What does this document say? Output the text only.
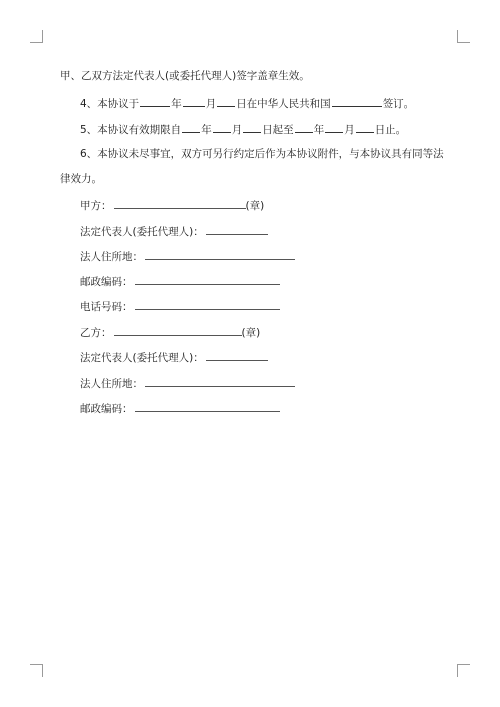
甲、乙双方法定代表人(或委托代理人)签字盖章生效。
4、本协议于	年 月 日在中华人民共和国	签订。
5、本协议有效期限自 年 月 日起至 年 月 日止。
6、本协议未尽事宜，双方可另行约定后作为本协议附件，与本协议具有同等法
律效力。
甲方：	(章)
法定代表人(委托代理人)：
法人住所地：
邮政编码：
电话号码：
乙方：	(章)
法定代表人(委托代理人)：
法人住所地：
邮政编码：
